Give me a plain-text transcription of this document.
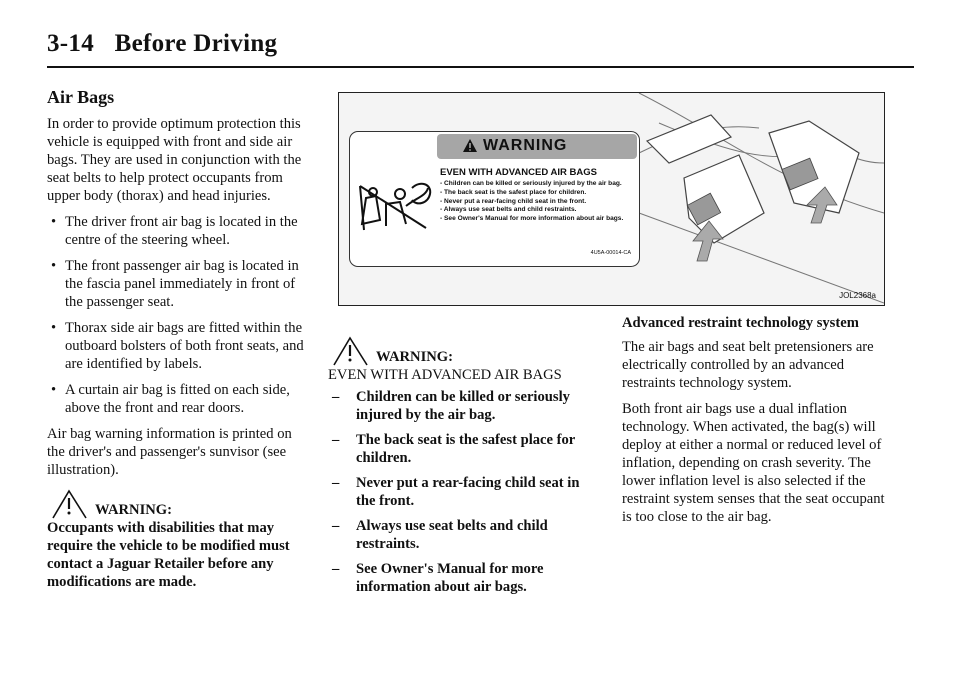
3-14 Before Driving
Air Bags

In order to provide optimum protection this vehicle is equipped with front and side air bags. They are used in conjunction with the seat belts to help protect occupants from upper body (thorax) and head injuries.

• The driver front air bag is located in the centre of the steering wheel.
• The front passenger air bag is located in the fascia panel immediately in front of the passenger seat.
• Thorax side air bags are fitted within the outboard bolsters of both front seats, and are identified by labels.
• A curtain air bag is fitted on each side, above the front and rear doors.

Air bag warning information is printed on the driver's and passenger's sunvisor (see illustration).

WARNING:

Occupants with disabilities that may require the vehicle to be modified must contact a Jaguar Retailer before any modifications are made.

WARNING
EVEN WITH ADVANCED AIR BAGS
- Children can be killed or seriously injured by the air bag.
- The back seat is the safest place for children.
- Never put a rear-facing child seat in the front.
- Always use seat belts and child restraints.
- See Owner's Manual for more information about air bags.
4U5A-00014-CA
JOL2368a
WARNING:
EVEN WITH ADVANCED AIR BAGS
– Children can be killed or seriously injured by the air bag.
– The back seat is the safest place for children.
– Never put a rear-facing child seat in the front.
– Always use seat belts and child restraints.
– See Owner's Manual for more information about air bags.
Advanced restraint technology system

The air bags and seat belt pretensioners are electrically controlled by an advanced restraints technology system.

Both front air bags use a dual inflation technology. When activated, the bag(s) will deploy at either a normal or reduced level of inflation, depending on crash severity. The lower inflation level is also selected if the restraint system senses that the seat occupant is too close to the air bag.
